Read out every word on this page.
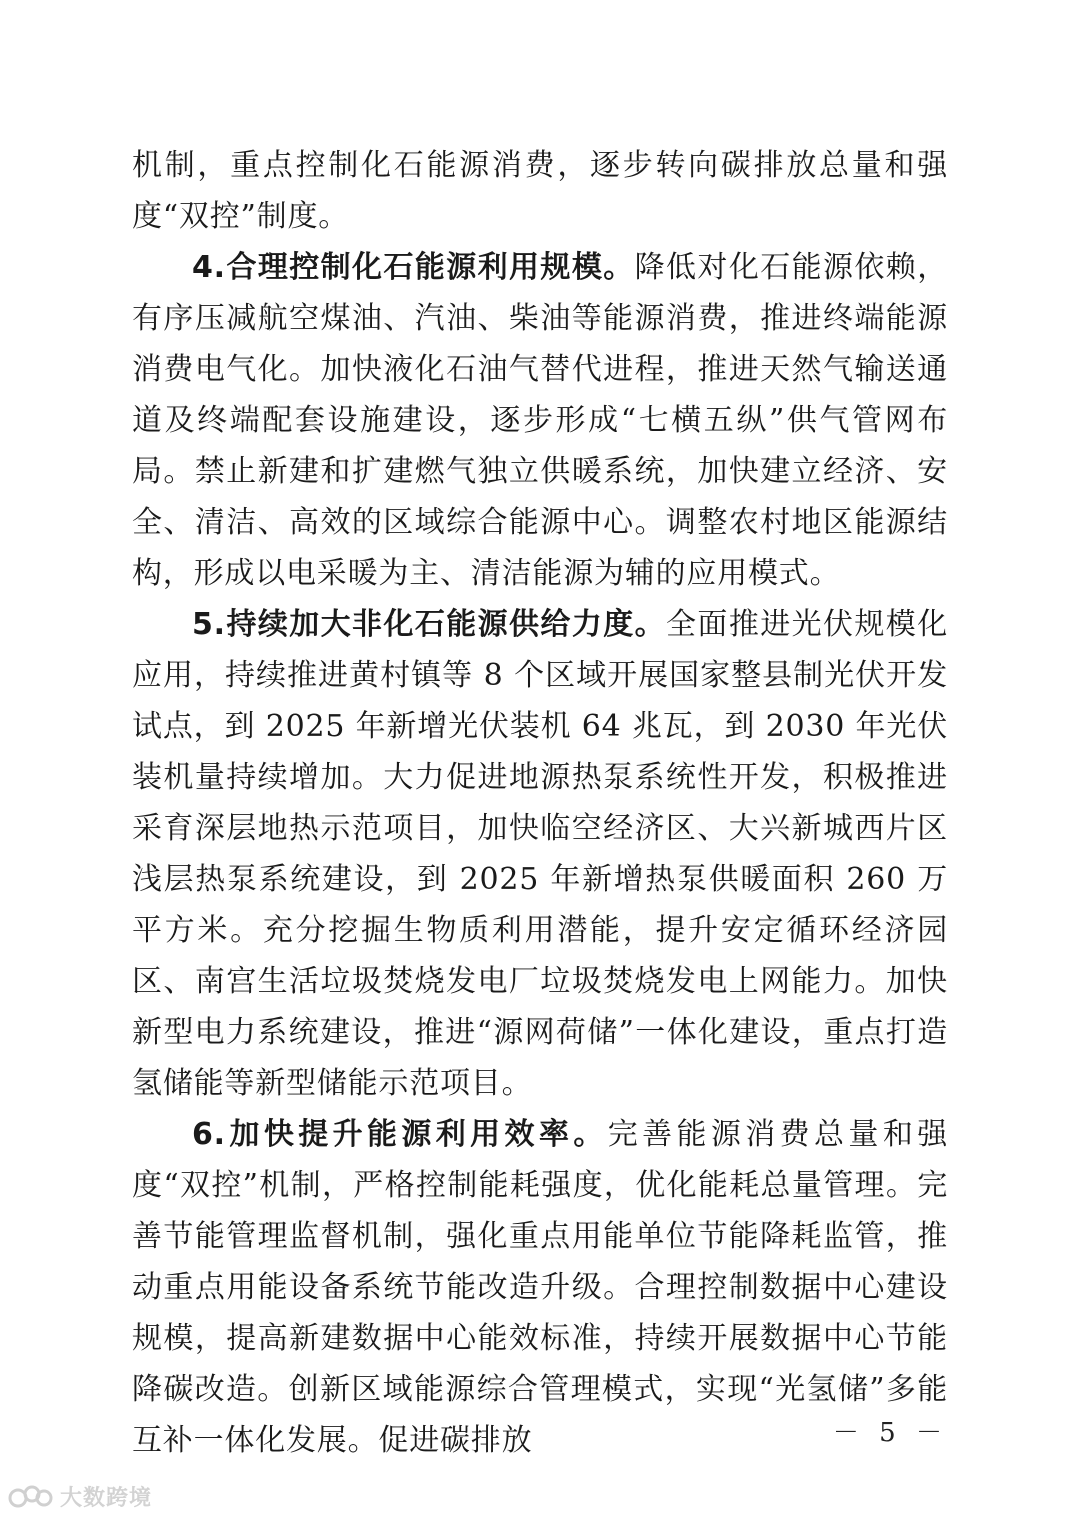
机制，重点控制化石能源消费，逐步转向碳排放总量和强度“双控”制度。

4.合理控制化石能源利用规模。降低对化石能源依赖，有序压减航空煤油、汽油、柴油等能源消费，推进终端能源消费电气化。加快液化石油气替代进程，推进天然气输送通道及终端配套设施建设，逐步形成“七横五纵”供气管网布局。禁止新建和扩建燃气独立供暖系统，加快建立经济、安全、清洁、高效的区域综合能源中心。调整农村地区能源结构，形成以电采暖为主、清洁能源为辅的应用模式。

5.持续加大非化石能源供给力度。全面推进光伏规模化应用，持续推进黄村镇等 8 个区域开展国家整县制光伏开发试点，到 2025 年新增光伏装机 64 兆瓦，到 2030 年光伏装机量持续增加。大力促进地源热泵系统性开发，积极推进采育深层地热示范项目，加快临空经济区、大兴新城西片区浅层热泵系统建设，到 2025 年新增热泵供暖面积 260 万平方米。充分挖掘生物质利用潜能，提升安定循环经济园区、南宫生活垃圾焚烧发电厂垃圾焚烧发电上网能力。加快新型电力系统建设，推进“源网荷储”一体化建设，重点打造氢储能等新型储能示范项目。

6.加快提升能源利用效率。完善能源消费总量和强度“双控”机制，严格控制能耗强度，优化能耗总量管理。完善节能管理监督机制，强化重点用能单位节能降耗监管，推动重点用能设备系统节能改造升级。合理控制数据中心建设规模，提高新建数据中心能效标准，持续开展数据中心节能降碳改造。创新区域能源综合管理模式，实现“光氢储”多能互补一体化发展。促进碳排放	－ 5 －
大数跨境
